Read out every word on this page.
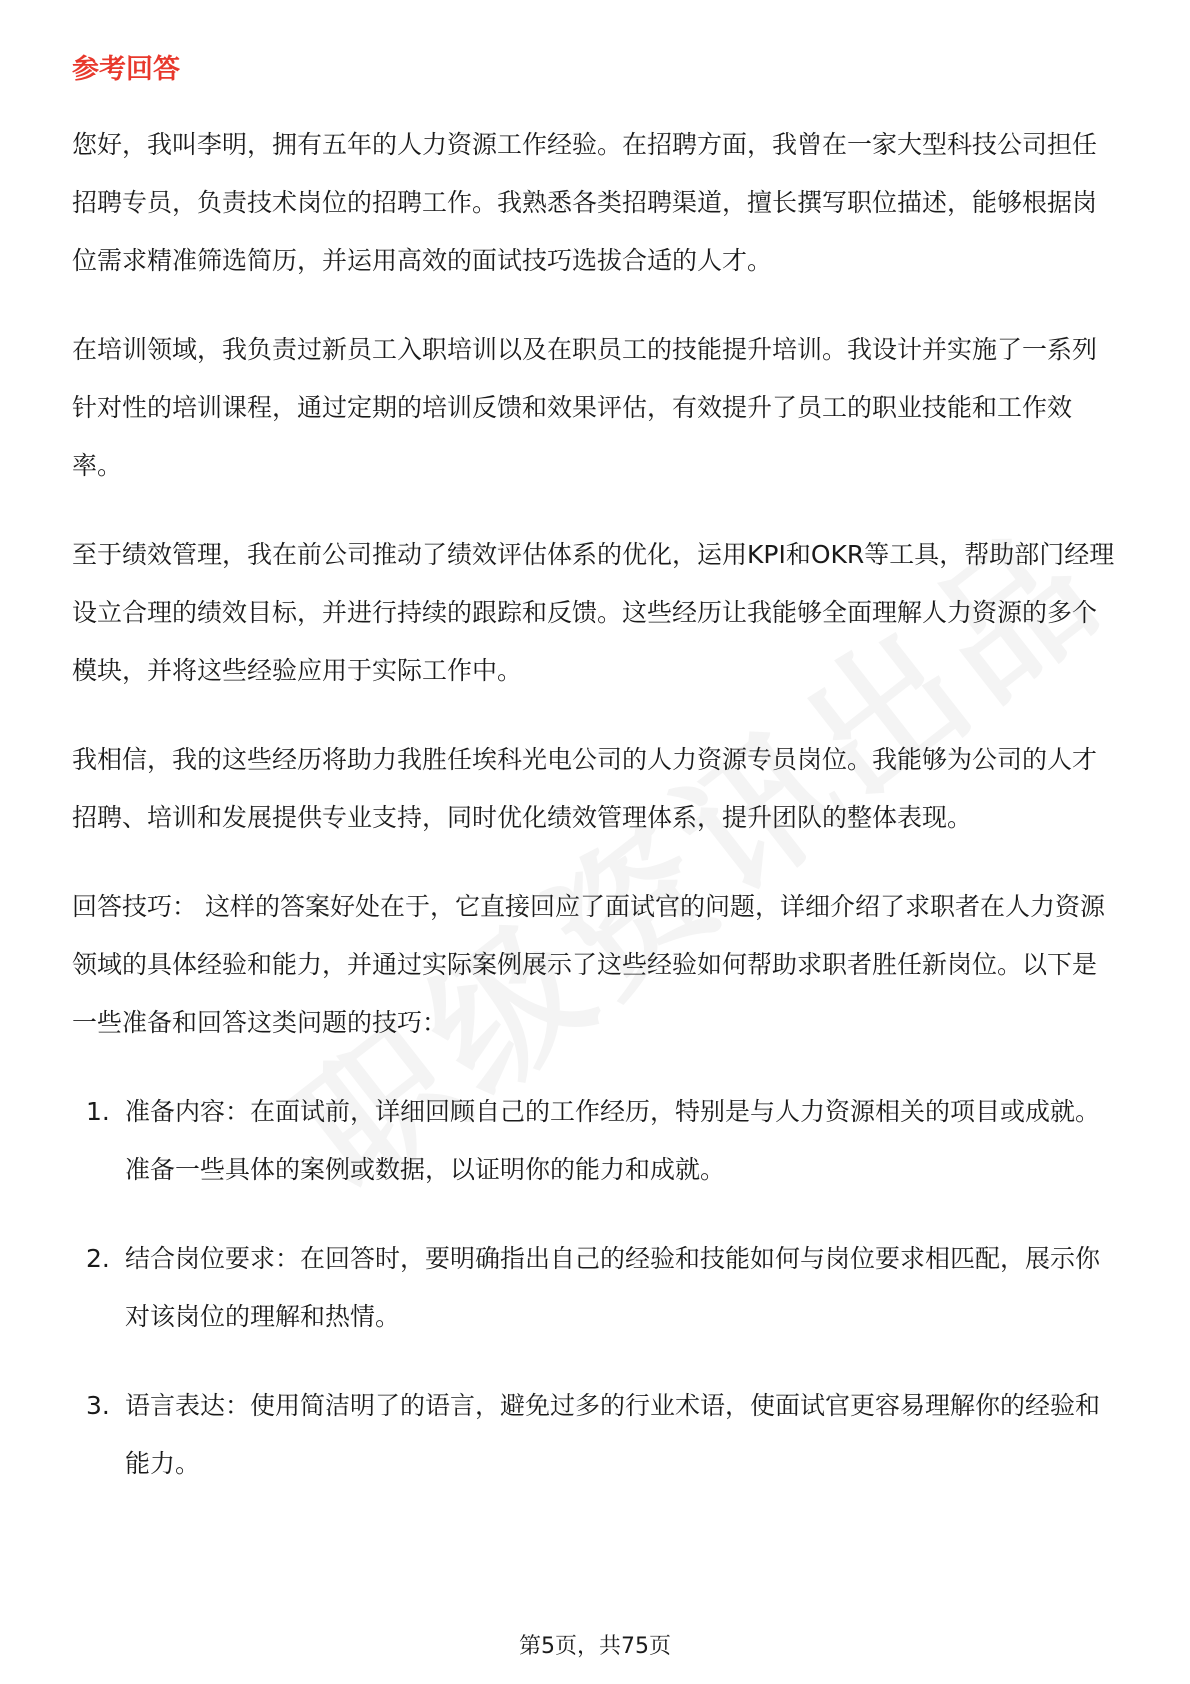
参考回答

您好，我叫李明，拥有五年的人力资源工作经验。在招聘方面，我曾在一家大型科技公司担任招聘专员，负责技术岗位的招聘工作。我熟悉各类招聘渠道，擅长撰写职位描述，能够根据岗位需求精准筛选简历，并运用高效的面试技巧选拔合适的人才。

在培训领域，我负责过新员工入职培训以及在职员工的技能提升培训。我设计并实施了一系列针对性的培训课程，通过定期的培训反馈和效果评估，有效提升了员工的职业技能和工作效率。

至于绩效管理，我在前公司推动了绩效评估体系的优化，运用KPI和OKR等工具，帮助部门经理设立合理的绩效目标，并进行持续的跟踪和反馈。这些经历让我能够全面理解人力资源的多个模块，并将这些经验应用于实际工作中。

我相信，我的这些经历将助力我胜任埃科光电公司的人力资源专员岗位。我能够为公司的人才招聘、培训和发展提供专业支持，同时优化绩效管理体系，提升团队的整体表现。

回答技巧： 这样的答案好处在于，它直接回应了面试官的问题，详细介绍了求职者在人力资源领域的具体经验和能力，并通过实际案例展示了这些经验如何帮助求职者胜任新岗位。以下是一些准备和回答这类问题的技巧：

1. 准备内容：在面试前，详细回顾自己的工作经历，特别是与人力资源相关的项目或成就。准备一些具体的案例或数据，以证明你的能力和成就。
2. 结合岗位要求：在回答时，要明确指出自己的经验和技能如何与岗位要求相匹配，展示你对该岗位的理解和热情。
3. 语言表达：使用简洁明了的语言，避免过多的行业术语，使面试官更容易理解你的经验和能力。
第5页，共75页
